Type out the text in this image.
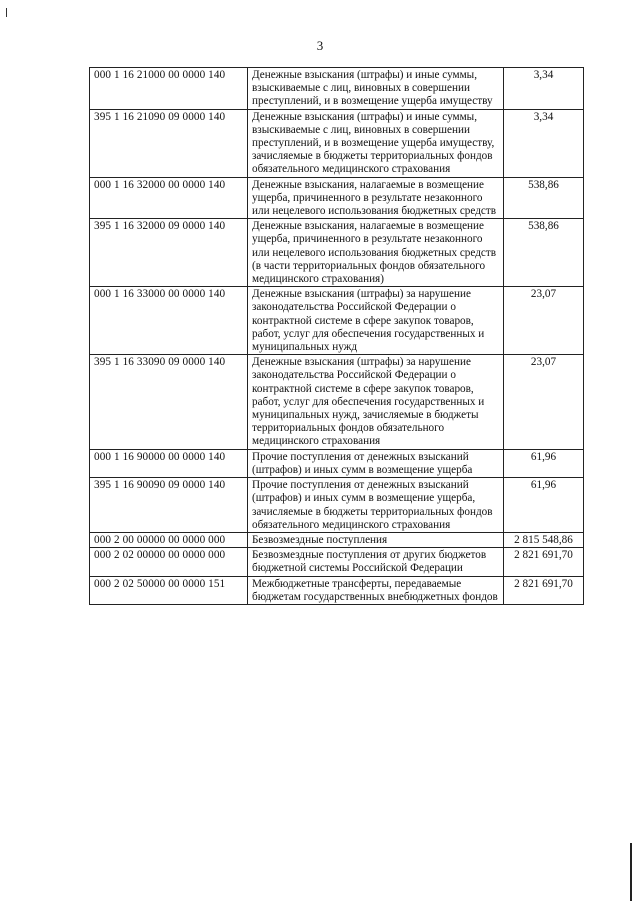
3
000 1 16 21000 00 0000 140	Денежные взыскания (штрафы) и иные суммы, взыскиваемые с лиц, виновных в совершении преступлений, и в возмещение ущерба имуществу	3,34
395 1 16 21090 09 0000 140	Денежные взыскания (штрафы) и иные суммы, взыскиваемые с лиц, виновных в совершении преступлений, и в возмещение ущерба имуществу, зачисляемые в бюджеты территориальных фондов обязательного медицинского страхования	3,34
000 1 16 32000 00 0000 140	Денежные взыскания, налагаемые в возмещение ущерба, причиненного в результате незаконного или нецелевого использования бюджетных средств	538,86
395 1 16 32000 09 0000 140	Денежные взыскания, налагаемые в возмещение ущерба, причиненного в результате незаконного или нецелевого использования бюджетных средств (в части территориальных фондов обязательного медицинского страхования)	538,86
000 1 16 33000 00 0000 140	Денежные взыскания (штрафы) за нарушение законодательства Российской Федерации о контрактной системе в сфере закупок товаров, работ, услуг для обеспечения государственных и муниципальных нужд	23,07
395 1 16 33090 09 0000 140	Денежные взыскания (штрафы) за нарушение законодательства Российской Федерации о контрактной системе в сфере закупок товаров, работ, услуг для обеспечения государственных и муниципальных нужд, зачисляемые в бюджеты территориальных фондов обязательного медицинского страхования	23,07
000 1 16 90000 00 0000 140	Прочие поступления от денежных взысканий (штрафов) и иных сумм в возмещение ущерба	61,96
395 1 16 90090 09 0000 140	Прочие поступления от денежных взысканий (штрафов) и иных сумм в возмещение ущерба, зачисляемые в бюджеты территориальных фондов обязательного медицинского страхования	61,96
000 2 00 00000 00 0000 000	Безвозмездные поступления	2 815 548,86
000 2 02 00000 00 0000 000	Безвозмездные поступления от других бюджетов бюджетной системы Российской Федерации	2 821 691,70
000 2 02 50000 00 0000 151	Межбюджетные трансферты, передаваемые бюджетам государственных внебюджетных фондов	2 821 691,70
